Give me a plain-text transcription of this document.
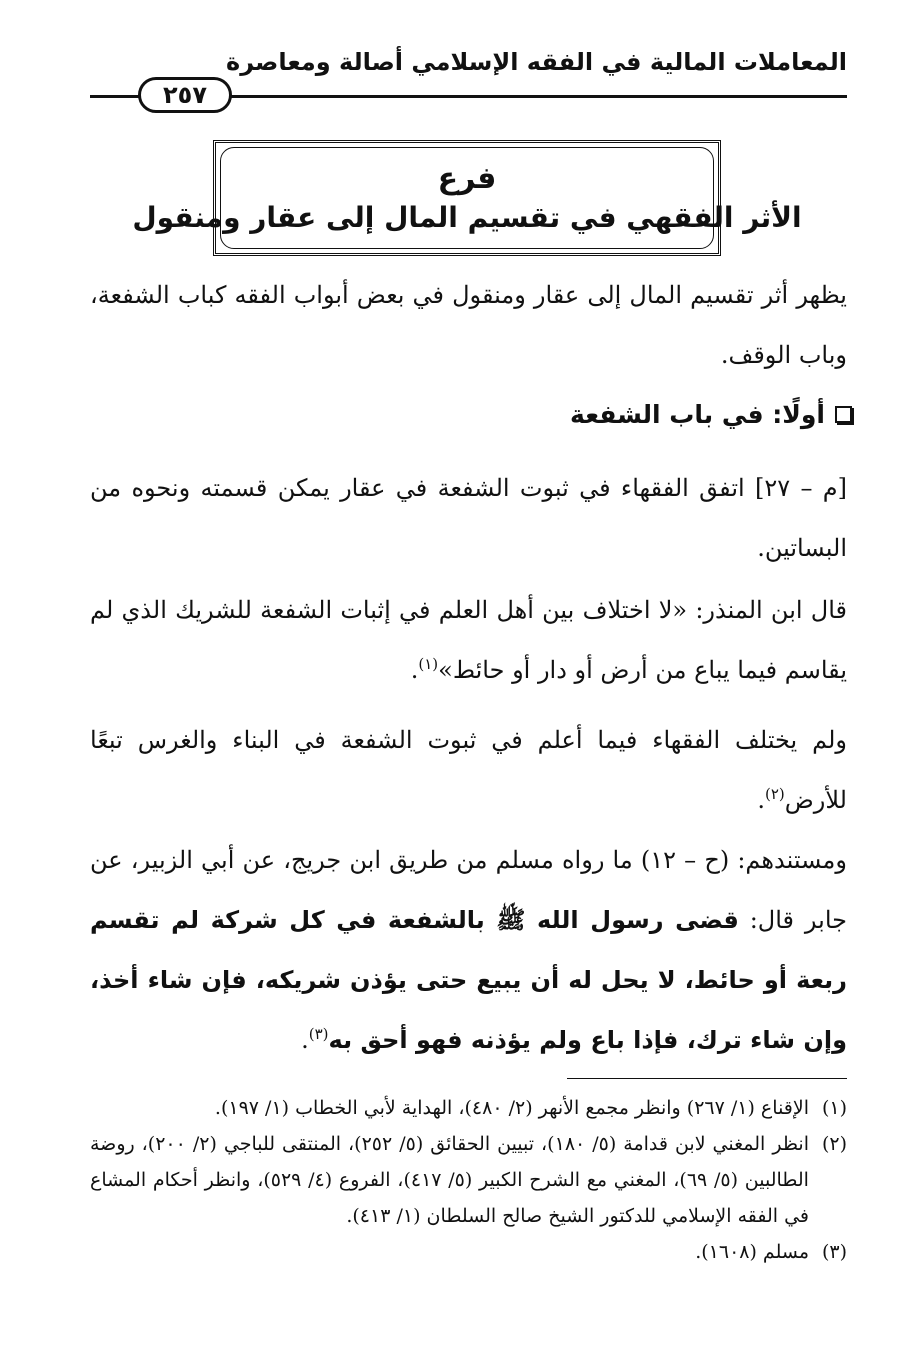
المعاملات المالية في الفقه الإسلامي أصالة ومعاصرة
٢٥٧
فرع
الأثر الفقهي في تقسيم المال إلى عقار ومنقول

يظهر أثر تقسيم المال إلى عقار ومنقول في بعض أبواب الفقه كباب الشفعة، وباب الوقف.

أولًا: في باب الشفعة

[م – ٢٧] اتفق الفقهاء في ثبوت الشفعة في عقار يمكن قسمته ونحوه من البساتين.

قال ابن المنذر: «لا اختلاف بين أهل العلم في إثبات الشفعة للشريك الذي لم يقاسم فيما يباع من أرض أو دار أو حائط»$^{(١)}$.

ولم يختلف الفقهاء فيما أعلم في ثبوت الشفعة في البناء والغرس تبعًا للأرض$^{(٢)}$.

ومستندهم: (ح – ١٢) ما رواه مسلم من طريق ابن جريج، عن أبي الزبير، عن جابر قال: قضى رسول الله ﷺ بالشفعة في كل شركة لم تقسم ربعة أو حائط، لا يحل له أن يبيع حتى يؤذن شريكه، فإن شاء أخذ، وإن شاء ترك، فإذا باع ولم يؤذنه فهو أحق به$^{(٣)}$.

(١)
الإقناع (١/ ٢٦٧) وانظر مجمع الأنهر (٢/ ٤٨٠)، الهداية لأبي الخطاب (١/ ١٩٧).
(٢)
انظر المغني لابن قدامة (٥/ ١٨٠)، تبيين الحقائق (٥/ ٢٥٢)، المنتقى للباجي (٢/ ٢٠٠)، روضة الطالبين (٥/ ٦٩)، المغني مع الشرح الكبير (٥/ ٤١٧)، الفروع (٤/ ٥٢٩)، وانظر أحكام المشاع في الفقه الإسلامي للدكتور الشيخ صالح السلطان (١/ ٤١٣).
(٣)
مسلم (١٦٠٨).
